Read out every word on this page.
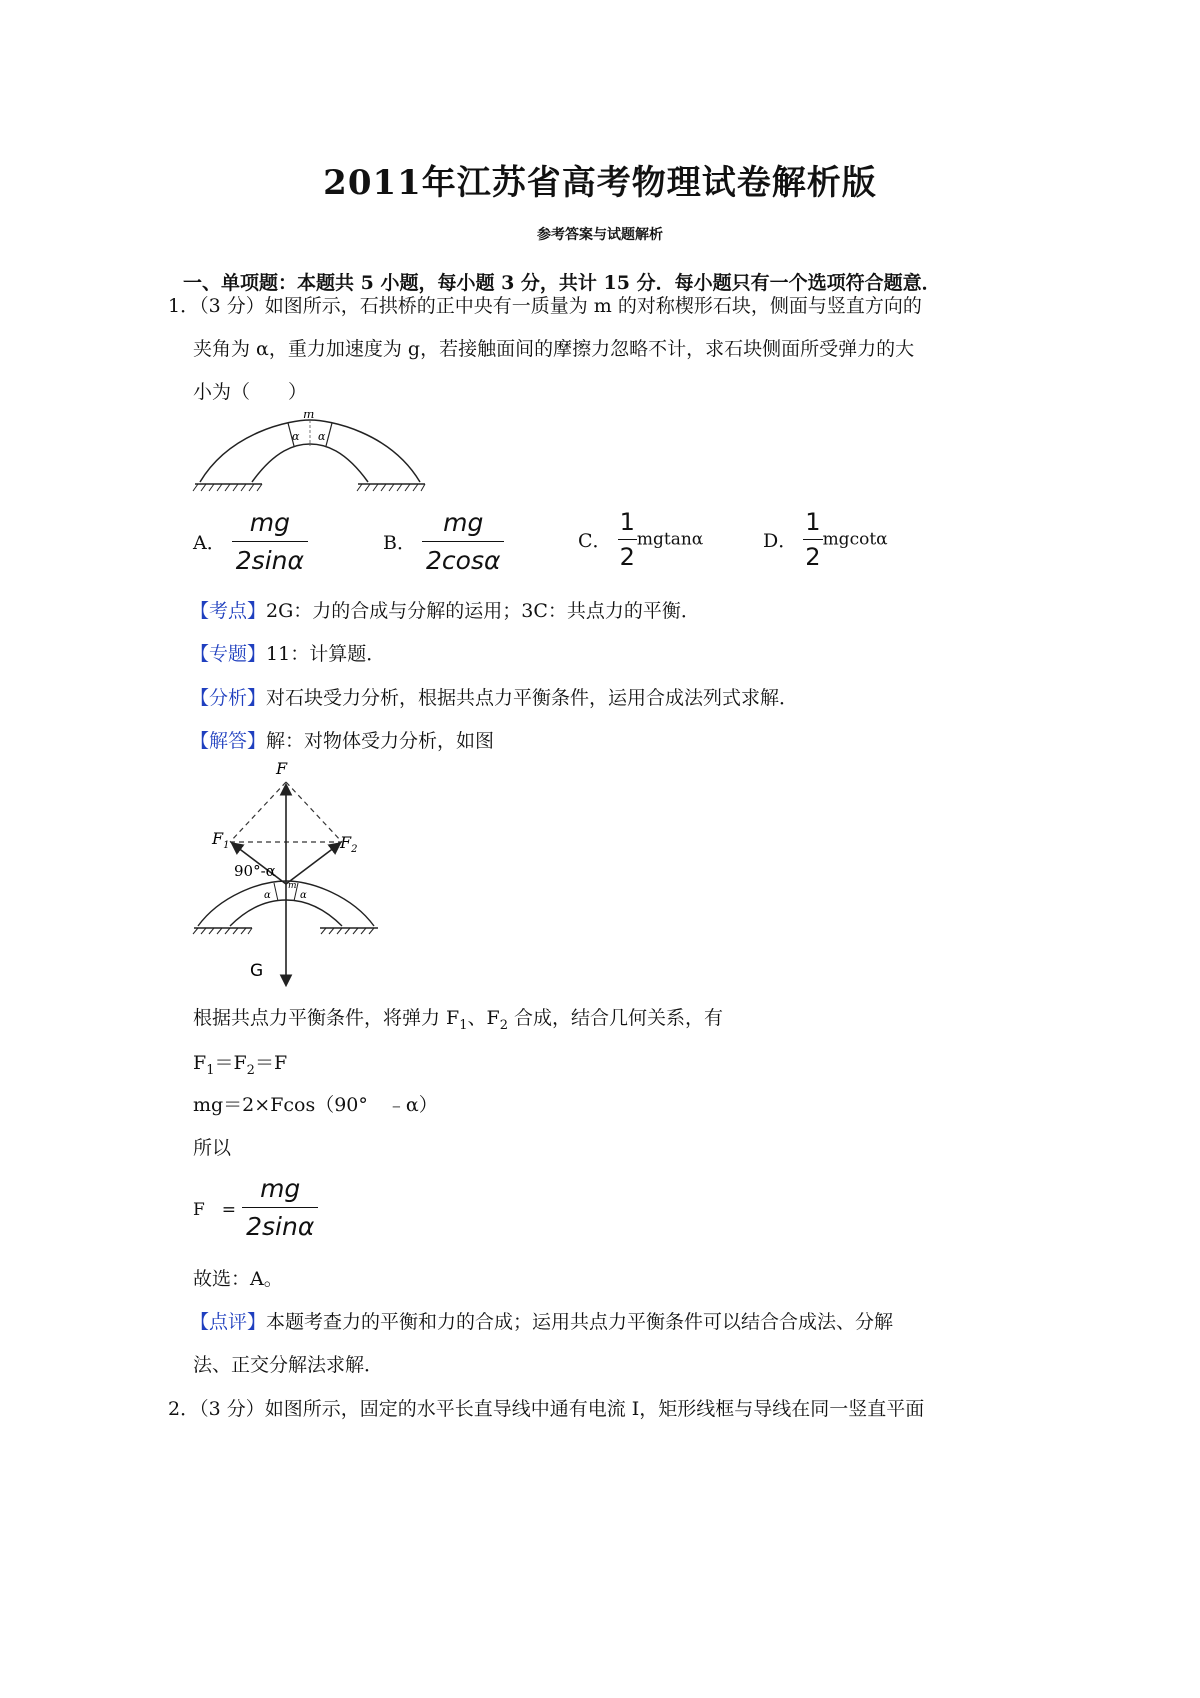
2011年江苏省高考物理试卷解析版
参考答案与试题解析
一、单项题：本题共 5 小题，每小题 3 分，共计 15 分．每小题只有一个选项符合题意．
1．（3 分）如图所示，石拱桥的正中央有一质量为 m 的对称楔形石块，侧面与竖直方向的
夹角为 α，重力加速度为 g，若接触面间的摩擦力忽略不计，求石块侧面所受弹力的大
小为（　　）
m
α α
A． $\frac{mg}{2\sin\alpha}$	B． $\frac{mg}{2\cos\alpha}$	C． $\frac{1}{2}$ mgtanα	D． $\frac{1}{2}$ mgcotα
【考点】2G：力的合成与分解的运用；3C：共点力的平衡．
【专题】11：计算题．
【分析】对石块受力分析，根据共点力平衡条件，运用合成法列式求解．
【解答】解：对物体受力分析，如图
F
$F_1$	$F_2$
90°-α
m
α	α
G
根据共点力平衡条件，将弹力 $F_1$、$F_2$ 合成，结合几何关系，有
$F_1=F_2=F$
mg＝2×Fcos（90°　﹣α）
所以
F　= $\frac{mg}{2\sin\alpha}$
故选：A。
【点评】本题考查力的平衡和力的合成；运用共点力平衡条件可以结合合成法、分解
法、正交分解法求解．
2．（3 分）如图所示，固定的水平长直导线中通有电流 I，矩形线框与导线在同一竖直平面
